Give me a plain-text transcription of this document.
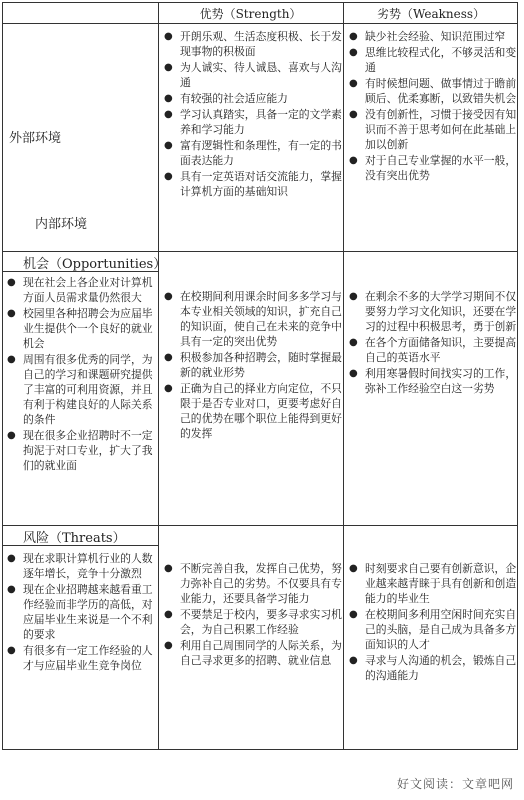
优势（Strength）	劣势（Weakness）
外部环境
内部环境
● 开朗乐观、生活态度积极、长于发现事物的积极面
● 为人诚实、待人诚恳、喜欢与人沟通
● 有较强的社会适应能力
● 学习认真踏实，具备一定的文学素养和学习能力
● 富有逻辑性和条理性，有一定的书面表达能力
● 具有一定英语对话交流能力，掌握计算机方面的基础知识
● 缺少社会经验、知识范围过窄
● 思维比较程式化，不够灵活和变通
● 有时候想问题、做事情过于瞻前顾后、优柔寡断，以致错失机会
● 没有创新性，习惯于接受因有知识而不善于思考如何在此基础上加以创新
● 对于自己专业掌握的水平一般，没有突出优势
机会（Opportunities）
● 现在社会上各企业对计算机方面人员需求量仍然很大
● 校园里各种招聘会为应届毕业生提供个一个良好的就业机会
● 周围有很多优秀的同学，为自己的学习和课题研究提供了丰富的可利用资源，并且有利于构建良好的人际关系的条件
● 现在很多企业招聘时不一定拘泥于对口专业，扩大了我们的就业面
● 在校期间利用课余时间多多学习与本专业相关领域的知识，扩充自己的知识面，使自己在未来的竞争中具有一定的突出优势
● 积极参加各种招聘会，随时掌握最新的就业形势
● 正确为自己的择业方向定位，不只限于是否专业对口，更要考虑好自己的优势在哪个职位上能得到更好的发挥
● 在剩余不多的大学学习期间不仅要努力学习文化知识，还要在学习的过程中积极思考，勇于创新
● 在各个方面储备知识，主要提高自己的英语水平
● 利用寒暑假时间找实习的工作，弥补工作经验空白这一劣势
风险（Threats）
● 现在求职计算机行业的人数逐年增长，竞争十分激烈
● 现在企业招聘越来越看重工作经验而非学历的高低，对应届毕业生来说是一个不利的要求
● 有很多有一定工作经验的人才与应届毕业生竞争岗位
● 不断完善自我，发挥自己优势，努力弥补自己的劣势。不仅要具有专业能力，还要具备学习能力
● 不要禁足于校内，要多寻求实习机会，为自己积累工作经验
● 利用自己周围同学的人际关系，为自己寻求更多的招聘、就业信息
● 时刻要求自己要有创新意识，企业越来越青睐于具有创新和创造能力的毕业生
● 在校期间多利用空闲时间充实自己的头脑，是自己成为具备多方面知识的人才
● 寻求与人沟通的机会，锻炼自己的沟通能力
好文阅读：文章吧网
